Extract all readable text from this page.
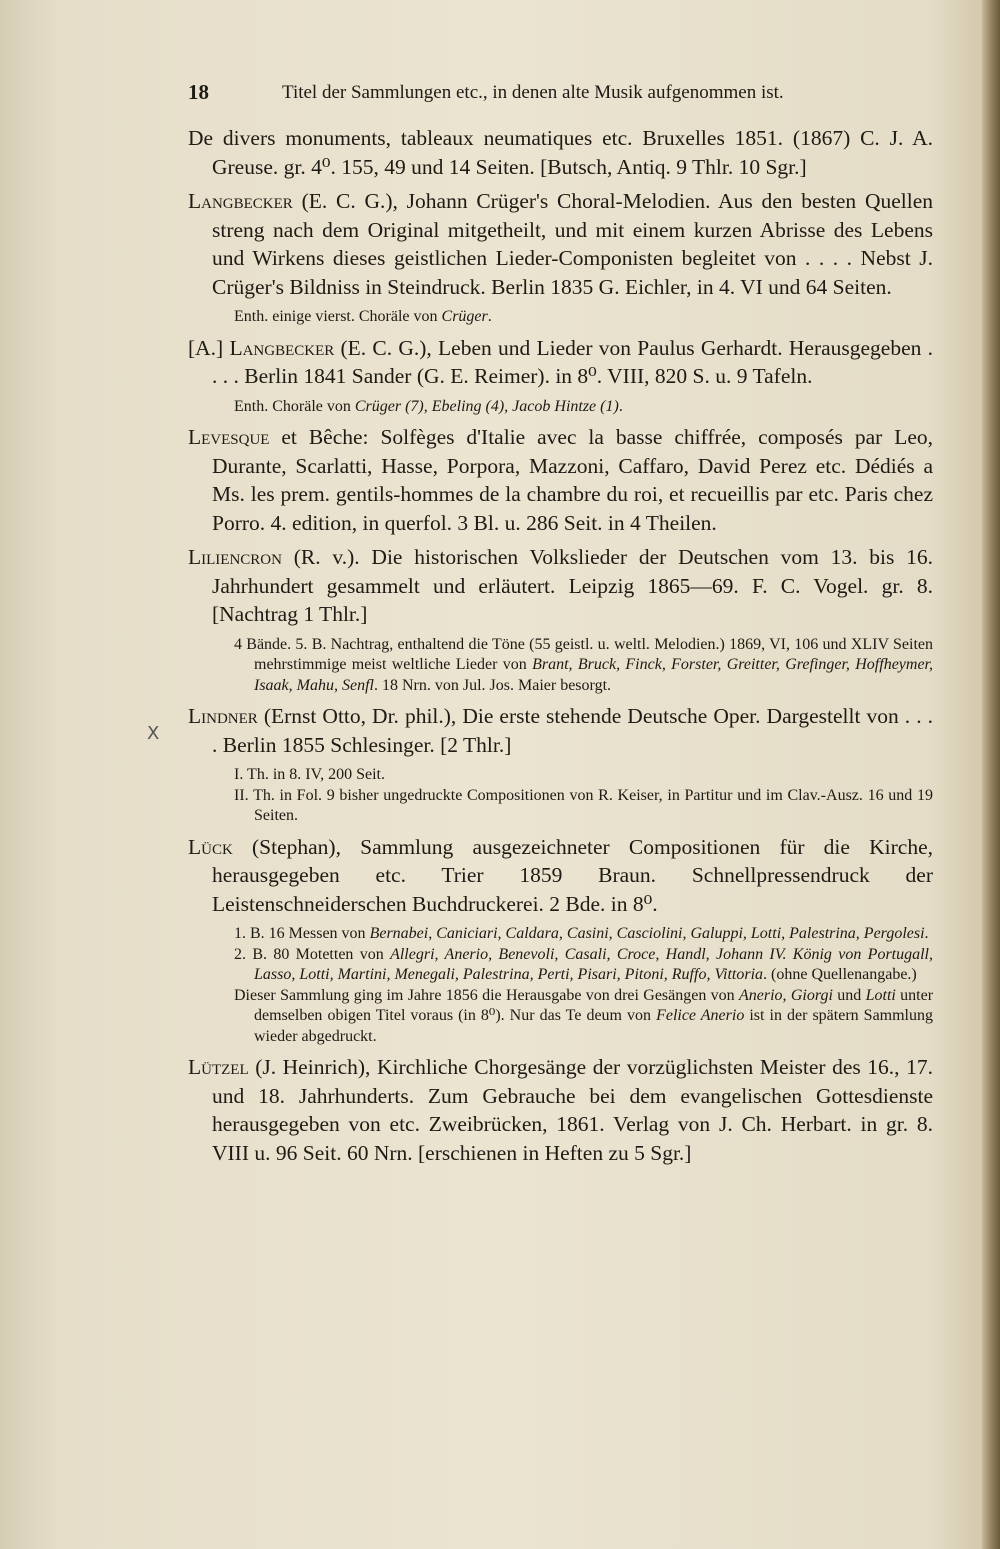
X
18	Titel der Sammlungen etc., in denen alte Musik aufgenommen ist.

De divers monuments, tableaux neumatiques etc. Bruxelles 1851. (1867) C. J. A. Greuse. gr. 4⁰. 155, 49 und 14 Seiten. [Butsch, Antiq. 9 Thlr. 10 Sgr.]

Langbecker (E. C. G.), Johann Crüger's Choral-Melodien. Aus den besten Quellen streng nach dem Original mitgetheilt, und mit einem kurzen Abrisse des Lebens und Wirkens dieses geistlichen Lieder-Componisten begleitet von . . . . Nebst J. Crüger's Bildniss in Steindruck. Berlin 1835 G. Eichler, in 4. VI und 64 Seiten.

Enth. einige vierst. Choräle von Crüger.

[A.] Langbecker (E. C. G.), Leben und Lieder von Paulus Gerhardt. Herausgegeben . . . . Berlin 1841 Sander (G. E. Reimer). in 8⁰. VIII, 820 S. u. 9 Tafeln.

Enth. Choräle von Crüger (7), Ebeling (4), Jacob Hintze (1).

Levesque et Bêche: Solfèges d'Italie avec la basse chiffrée, composés par Leo, Durante, Scarlatti, Hasse, Porpora, Mazzoni, Caffaro, David Perez etc. Dédiés a Ms. les prem. gentils-hommes de la chambre du roi, et recueillis par etc. Paris chez Porro. 4. edition, in querfol. 3 Bl. u. 286 Seit. in 4 Theilen.

Liliencron (R. v.). Die historischen Volkslieder der Deutschen vom 13. bis 16. Jahrhundert gesammelt und erläutert. Leipzig 1865—69. F. C. Vogel. gr. 8. [Nachtrag 1 Thlr.]

4 Bände. 5. B. Nachtrag, enthaltend die Töne (55 geistl. u. weltl. Melodien.) 1869, VI, 106 und XLIV Seiten mehrstimmige meist weltliche Lieder von Brant, Bruck, Finck, Forster, Greitter, Grefinger, Hoffheymer, Isaak, Mahu, Senfl. 18 Nrn. von Jul. Jos. Maier besorgt.

Lindner (Ernst Otto, Dr. phil.), Die erste stehende Deutsche Oper. Dargestellt von . . . . Berlin 1855 Schlesinger. [2 Thlr.]

I. Th. in 8. IV, 200 Seit.
II. Th. in Fol. 9 bisher ungedruckte Compositionen von R. Keiser, in Partitur und im Clav.-Ausz. 16 und 19 Seiten.

Lück (Stephan), Sammlung ausgezeichneter Compositionen für die Kirche, herausgegeben etc. Trier 1859 Braun. Schnellpressendruck der Leistenschneiderschen Buchdruckerei. 2 Bde. in 8⁰.

1. B. 16 Messen von Bernabei, Caniciari, Caldara, Casini, Casciolini, Galuppi, Lotti, Palestrina, Pergolesi.
2. B. 80 Motetten von Allegri, Anerio, Benevoli, Casali, Croce, Handl, Johann IV. König von Portugall, Lasso, Lotti, Martini, Menegali, Palestrina, Perti, Pisari, Pitoni, Ruffo, Vittoria. (ohne Quellenangabe.)
Dieser Sammlung ging im Jahre 1856 die Herausgabe von drei Gesängen von Anerio, Giorgi und Lotti unter demselben obigen Titel voraus (in 8⁰). Nur das Te deum von Felice Anerio ist in der spätern Sammlung wieder abgedruckt.

Lützel (J. Heinrich), Kirchliche Chorgesänge der vorzüglichsten Meister des 16., 17. und 18. Jahrhunderts. Zum Gebrauche bei dem evangelischen Gottesdienste herausgegeben von etc. Zweibrücken, 1861. Verlag von J. Ch. Herbart. in gr. 8. VIII u. 96 Seit. 60 Nrn. [erschienen in Heften zu 5 Sgr.]
